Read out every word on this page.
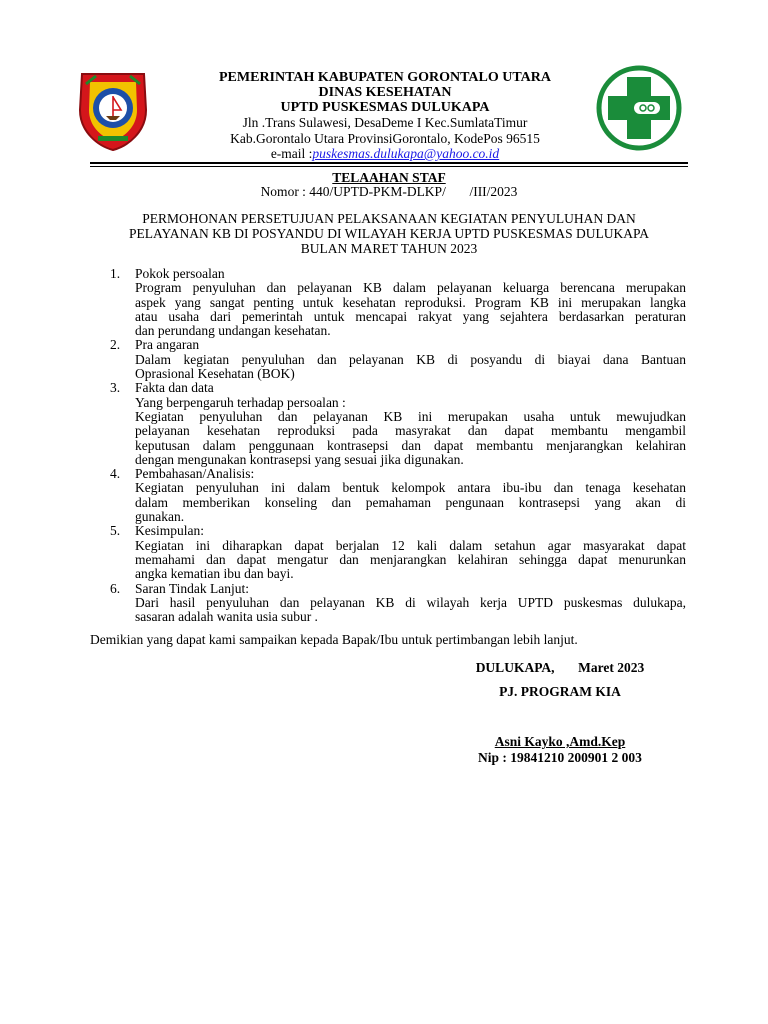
PEMERINTAH KABUPATEN GORONTALO UTARA
DINAS KESEHATAN
UPTD PUSKESMAS DULUKAPA
Jln .Trans Sulawesi, DesaDeme I Kec.SumlataTimur
Kab.Gorontalo Utara ProvinsiGorontalo, KodePos 96515
e-mail :puskesmas.dulukapa@yahoo.co.id
TELAAHAN STAF
Nomor : 440/UPTD-PKM-DLKP/       /III/2023
PERMOHONAN PERSETUJUAN PELAKSANAAN KEGIATAN PENYULUHAN DAN
PELAYANAN KB DI POSYANDU DI WILAYAH KERJA UPTD PUSKESMAS DULUKAPA
BULAN MARET TAHUN 2023
1.	Pokok persoalan
Program penyuluhan dan pelayanan KB dalam pelayanan keluarga berencana merupakan
aspek yang sangat penting untuk kesehatan reproduksi. Program KB ini merupakan langka
atau usaha dari pemerintah untuk mencapai rakyat yang sejahtera berdasarkan peraturan
dan perundang undangan kesehatan.
2.	Pra angaran
Dalam kegiatan penyuluhan dan pelayanan KB di posyandu di biayai dana Bantuan
Oprasional Kesehatan (BOK)
3.	Fakta dan data
Yang berpengaruh terhadap persoalan :
Kegiatan penyuluhan dan pelayanan KB ini merupakan usaha untuk mewujudkan
pelayanan kesehatan reproduksi pada masyrakat dan dapat membantu mengambil
keputusan dalam penggunaan kontrasepsi dan dapat membantu menjarangkan kelahiran
dengan mengunakan kontrasepsi yang sesuai jika digunakan.
4.	Pembahasan/Analisis:
Kegiatan penyuluhan ini dalam bentuk kelompok antara ibu-ibu dan tenaga kesehatan
dalam memberikan konseling dan pemahaman pengunaan kontrasepsi yang akan di
gunakan.
5.	Kesimpulan:
Kegiatan ini diharapkan dapat berjalan 12 kali dalam setahun agar masyarakat dapat
memahami dan dapat mengatur dan menjarangkan kelahiran sehingga dapat menurunkan
angka kematian ibu dan bayi.
6.	Saran Tindak Lanjut:
Dari hasil penyuluhan dan pelayanan KB di wilayah kerja UPTD puskesmas dulukapa,
sasaran adalah wanita usia subur .
Demikian yang dapat kami sampaikan kepada Bapak/Ibu untuk pertimbangan lebih lanjut.
DULUKAPA,       Maret 2023
PJ. PROGRAM KIA
Asni Kayko ,Amd.Kep
Nip : 19841210 200901 2 003
